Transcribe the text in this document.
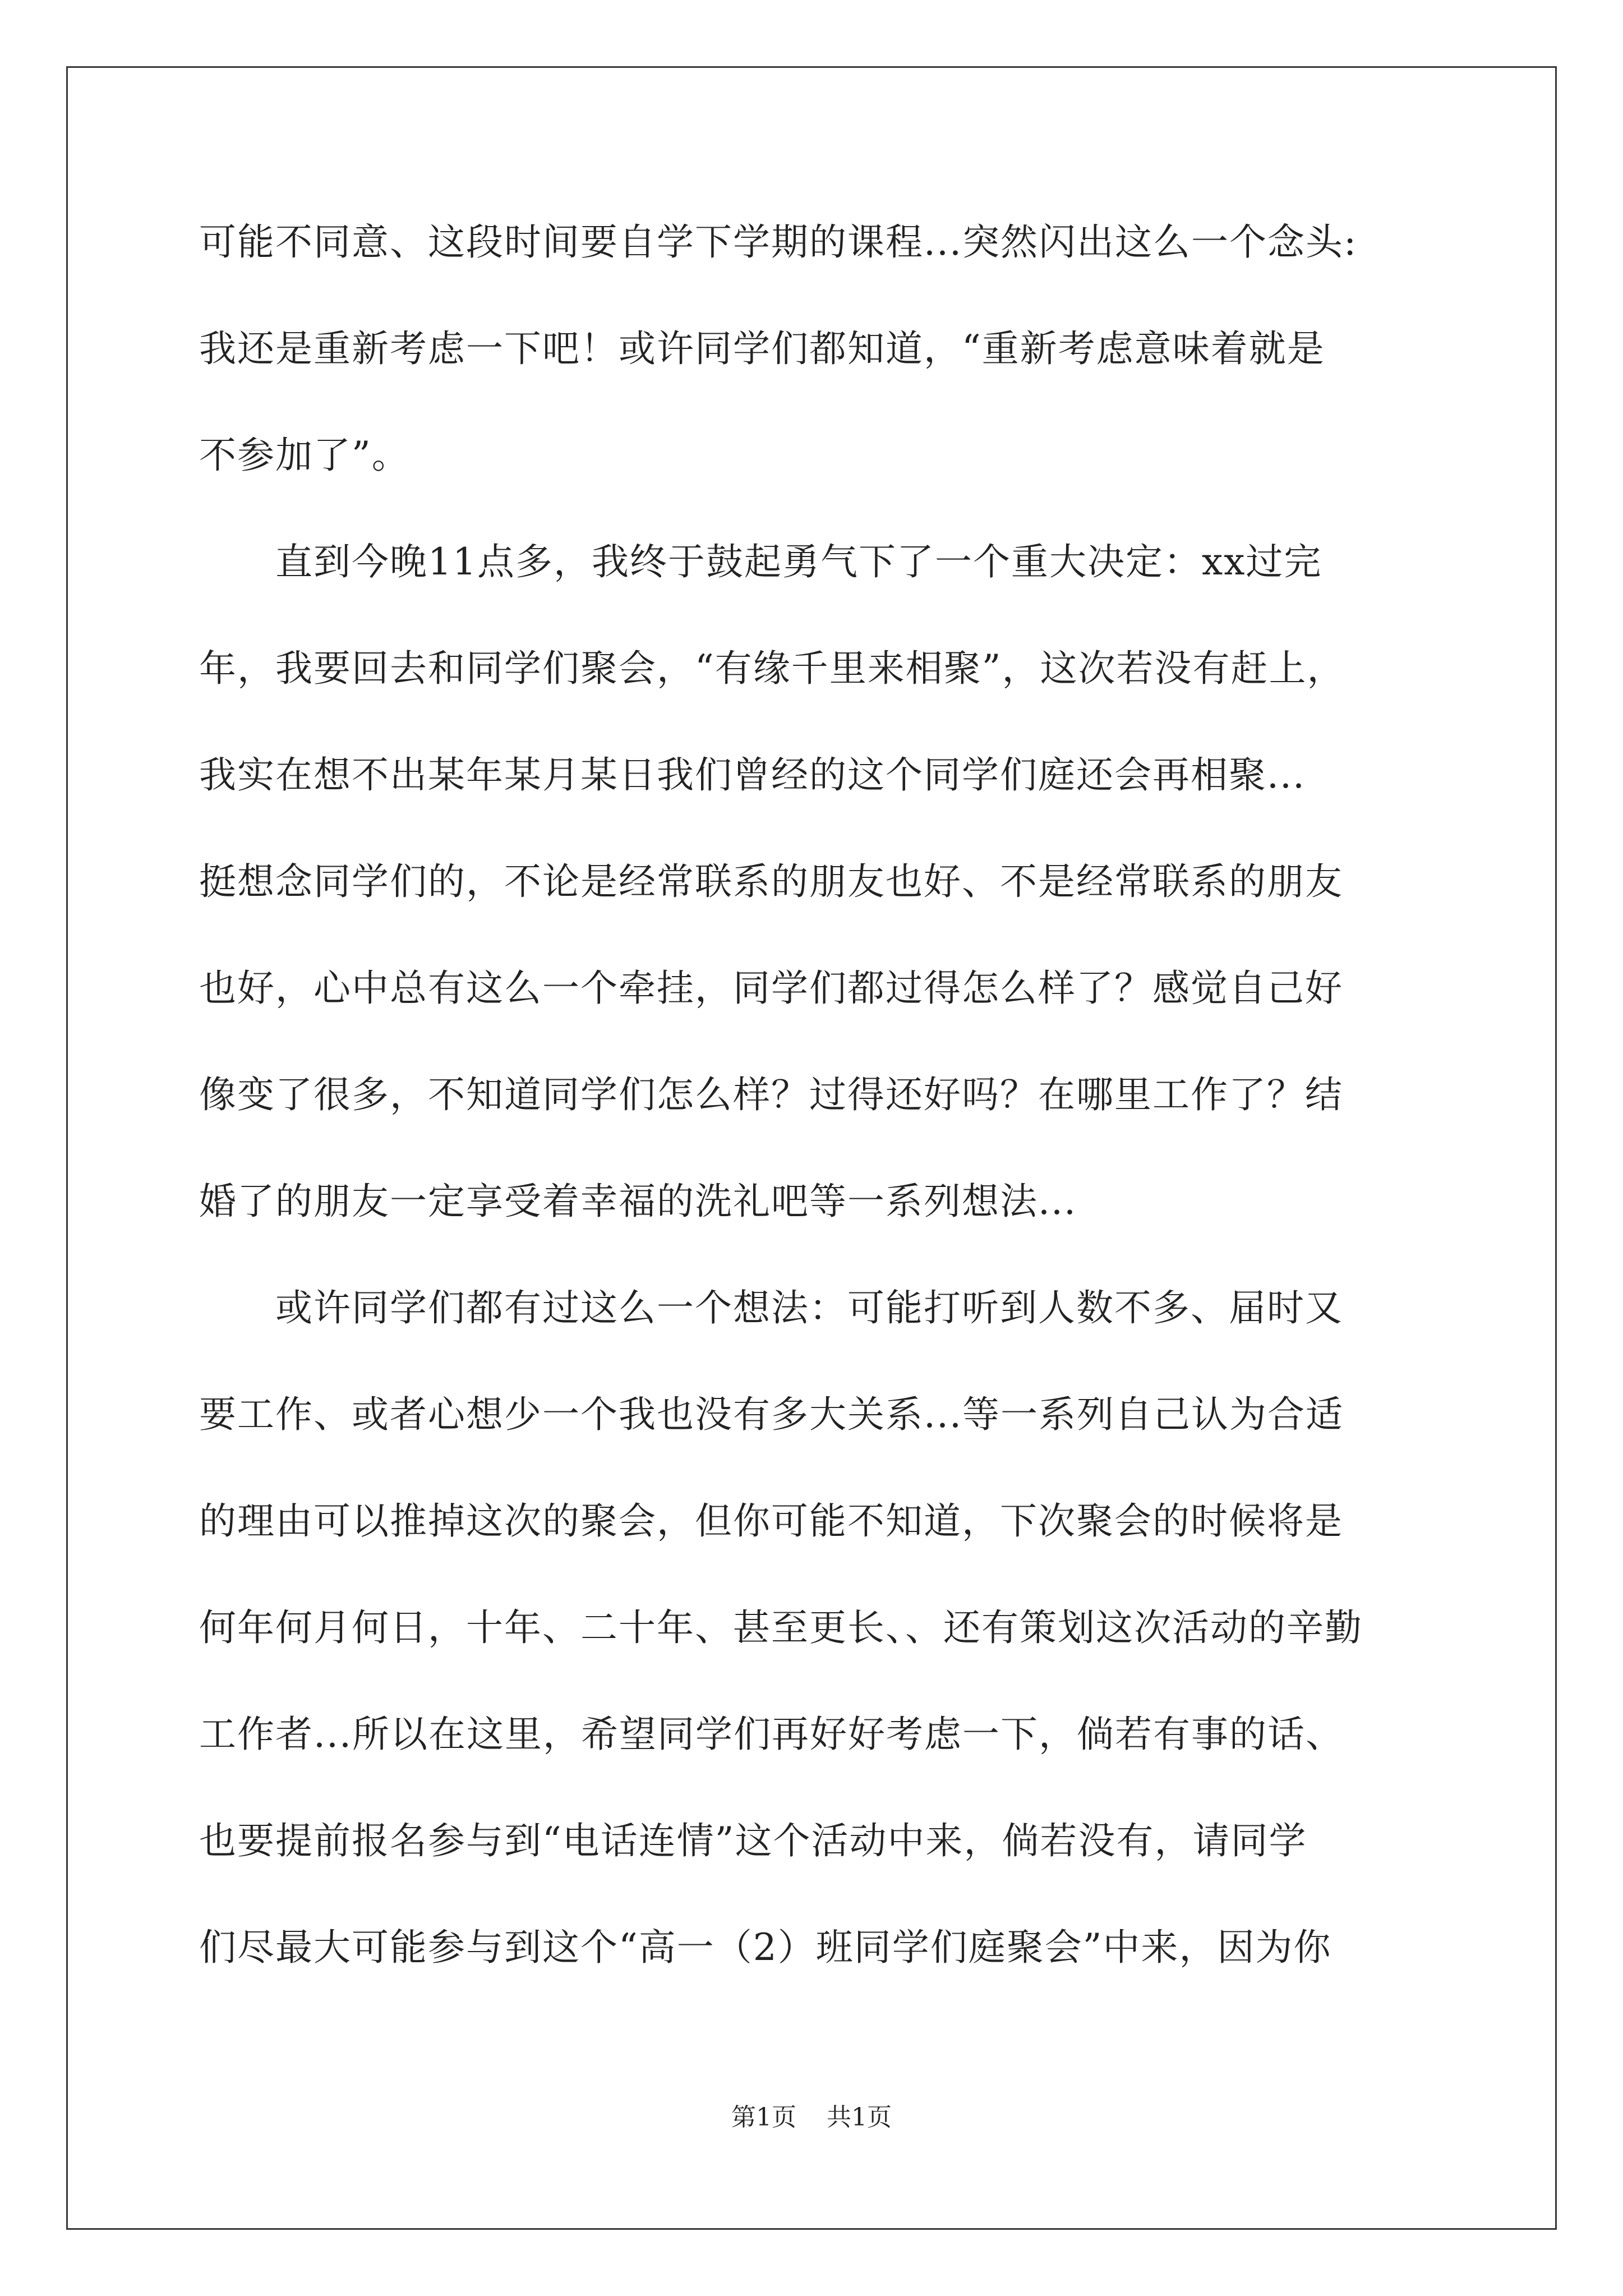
可能不同意、这段时间要自学下学期的课程...突然闪出这么一个念头:
我还是重新考虑一下吧！或许同学们都知道，“重新考虑意味着就是
不参加了”。
　　直到今晚11点多，我终于鼓起勇气下了一个重大决定：xx过完
年，我要回去和同学们聚会，“有缘千里来相聚”，这次若没有赶上，
我实在想不出某年某月某日我们曾经的这个同学们庭还会再相聚...
挺想念同学们的，不论是经常联系的朋友也好、不是经常联系的朋友
也好，心中总有这么一个牵挂，同学们都过得怎么样了？感觉自己好
像变了很多，不知道同学们怎么样？过得还好吗？在哪里工作了？结
婚了的朋友一定享受着幸福的洗礼吧等一系列想法...
　　或许同学们都有过这么一个想法：可能打听到人数不多、届时又
要工作、或者心想少一个我也没有多大关系...等一系列自己认为合适
的理由可以推掉这次的聚会，但你可能不知道，下次聚会的时候将是
何年何月何日，十年、二十年、甚至更长、、还有策划这次活动的辛勤
工作者...所以在这里，希望同学们再好好考虑一下，倘若有事的话、
也要提前报名参与到“电话连情”这个活动中来，倘若没有，请同学
们尽最大可能参与到这个“高一（2）班同学们庭聚会”中来，因为你
第1页 共1页
